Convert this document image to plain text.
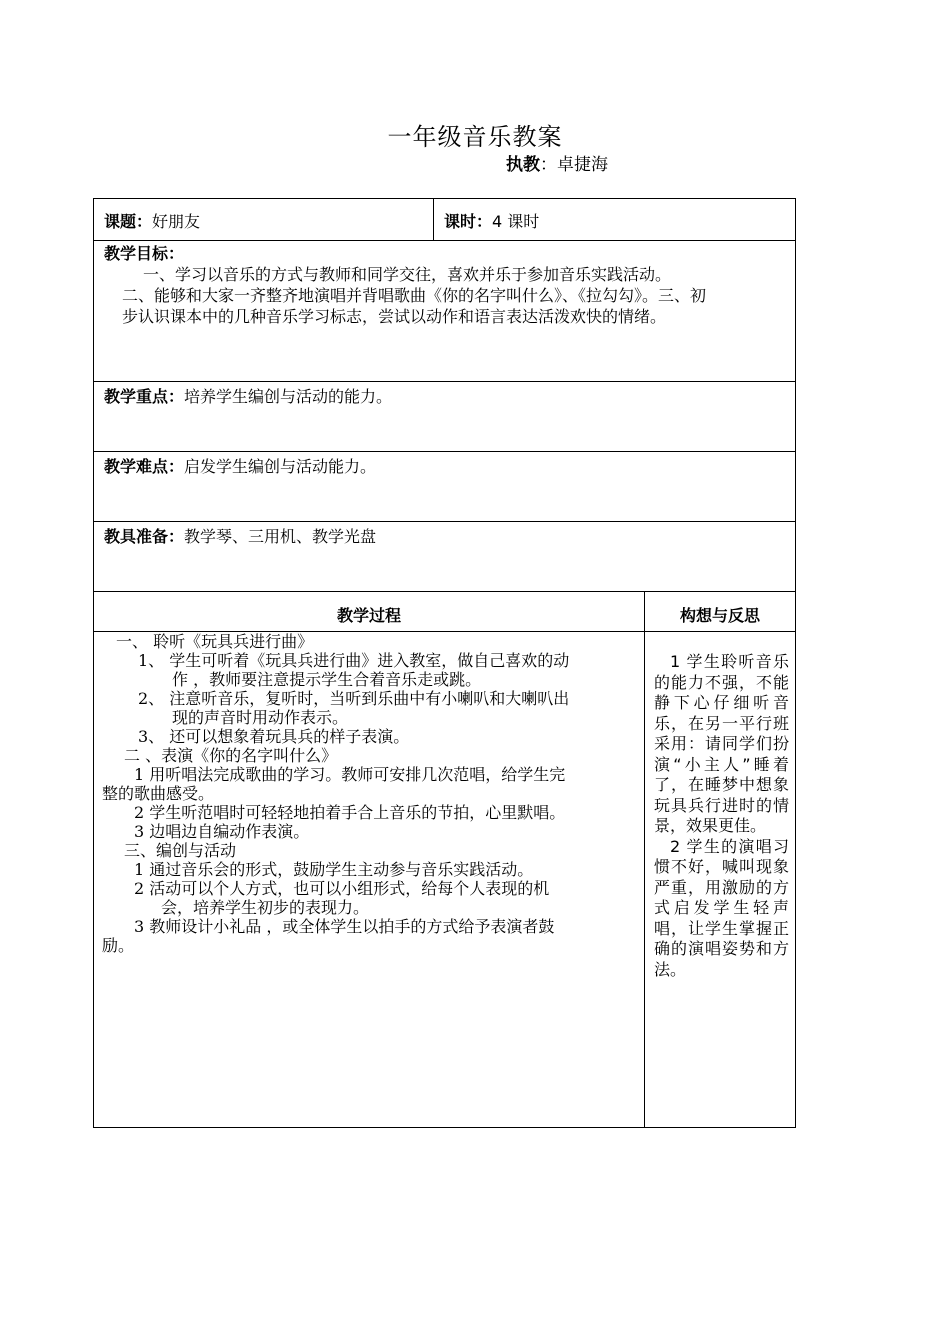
一年级音乐教案
执教：卓捷海
课题：好朋友	课时：4 课时

教学目标：

一、学习以音乐的方式与教师和同学交往，喜欢并乐于参加音乐实践活动。

二、能够和大家一齐整齐地演唱并背唱歌曲《你的名字叫什么》、《拉勾勾》。三、初

步认识课本中的几种音乐学习标志，尝试以动作和语言表达活泼欢快的情绪。

教学重点：培养学生编创与活动的能力。
教学难点：启发学生编创与活动能力。
教具准备：教学琴、三用机、教学光盘
教学过程	构想与反思

一、 聆听《玩具兵进行曲》

1、 学生可听着《玩具兵进行曲》进入教室，做自己喜欢的动

作 ，教师要注意提示学生合着音乐走或跳。

2、 注意听音乐，复听时，当听到乐曲中有小喇叭和大喇叭出

现的声音时用动作表示。

3、 还可以想象着玩具兵的样子表演。

二 、表演《你的名字叫什么》

1 用听唱法完成歌曲的学习。教师可安排几次范唱，给学生完

整的歌曲感受。

2 学生听范唱时可轻轻地拍着手合上音乐的节拍，心里默唱。

3 边唱边自编动作表演。

三、编创与活动

1 通过音乐会的形式，鼓励学生主动参与音乐实践活动。

2 活动可以个人方式，也可以小组形式，给每个人表现的机

会，培养学生初步的表现力。

3 教师设计小礼品 ，或全体学生以拍手的方式给予表演者鼓

励。

1 学生聆听音乐的能力不强，不能静下心仔细听音乐，在另一平行班采用：请同学们扮演“小主人”睡着了，在睡梦中想象玩具兵行进时的情景，效果更佳。

2 学生的演唱习惯不好，喊叫现象严重，用激励的方式启发学生轻声唱，让学生掌握正确的演唱姿势和方法。
